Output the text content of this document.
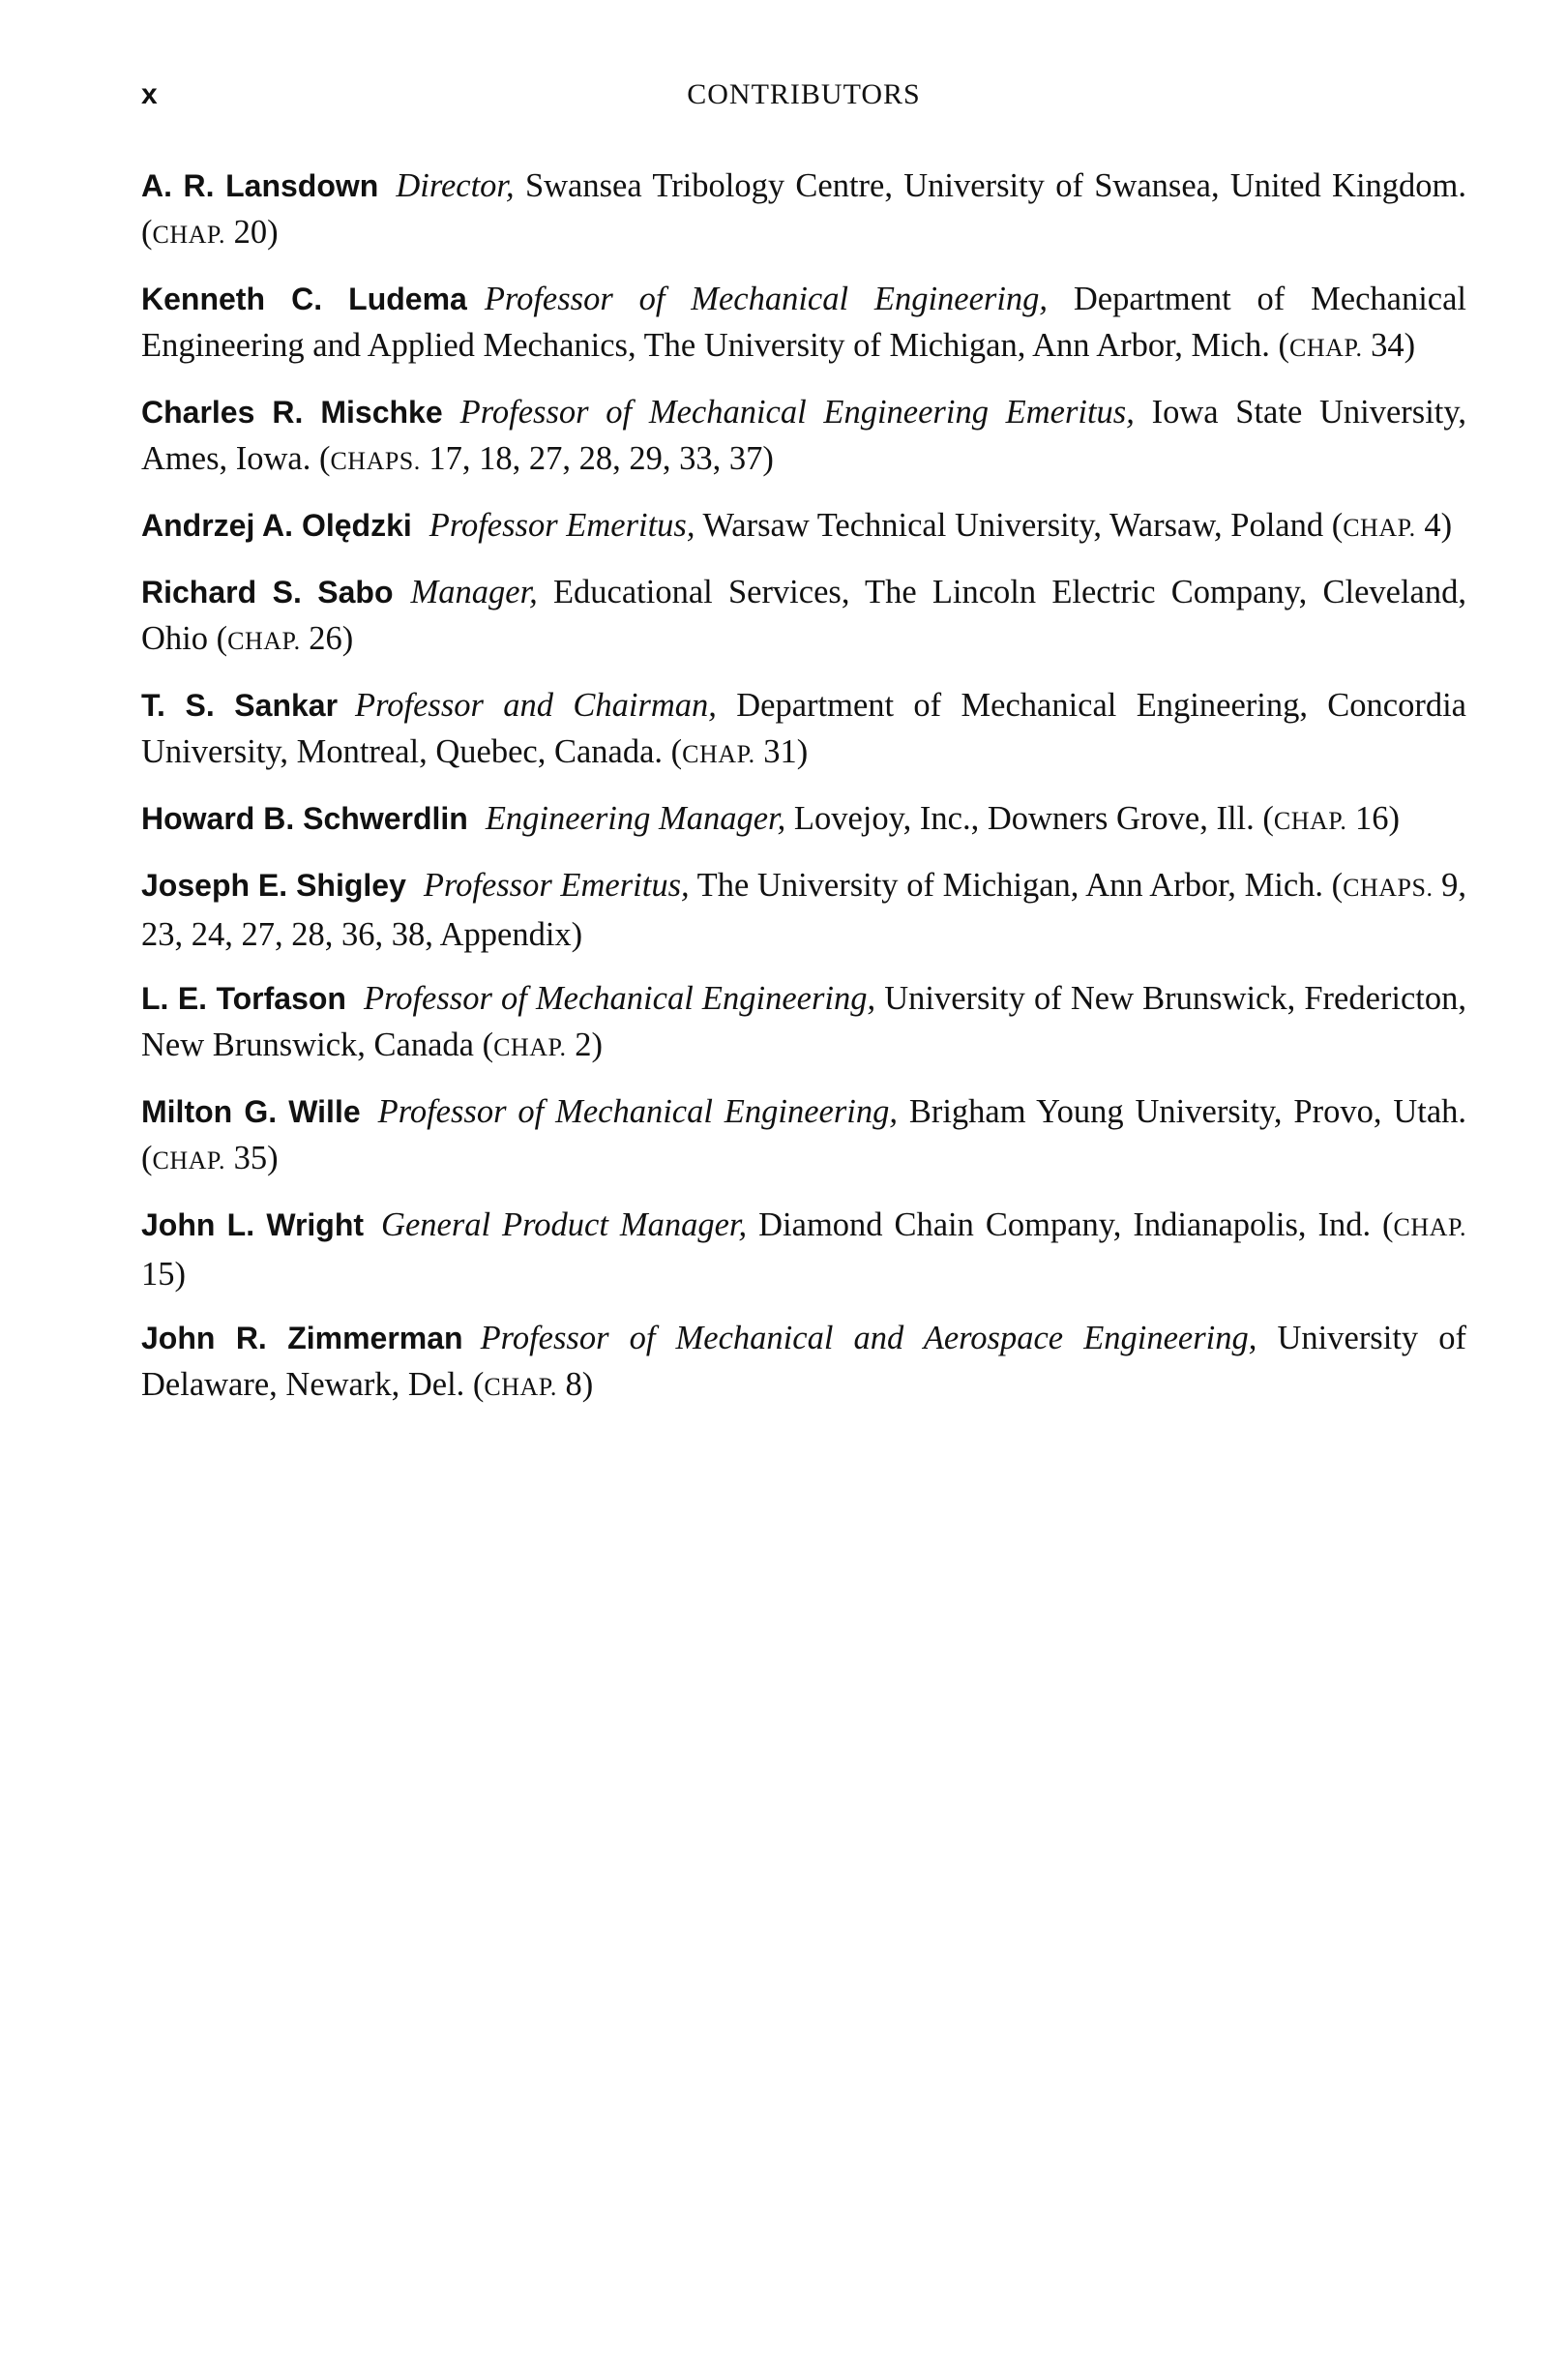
x	CONTRIBUTORS

A. R. Lansdown Director, Swansea Tribology Centre, University of Swansea, United Kingdom. (CHAP. 20)

Kenneth C. Ludema Professor of Mechanical Engineering, Department of Mechanical Engineering and Applied Mechanics, The University of Michigan, Ann Arbor, Mich. (CHAP. 34)

Charles R. Mischke Professor of Mechanical Engineering Emeritus, Iowa State University, Ames, Iowa. (CHAPS. 17, 18, 27, 28, 29, 33, 37)

Andrzej A. Olędzki Professor Emeritus, Warsaw Technical University, Warsaw, Poland (CHAP. 4)

Richard S. Sabo Manager, Educational Services, The Lincoln Electric Company, Cleveland, Ohio (CHAP. 26)

T. S. Sankar Professor and Chairman, Department of Mechanical Engineering, Concordia University, Montreal, Quebec, Canada. (CHAP. 31)

Howard B. Schwerdlin Engineering Manager, Lovejoy, Inc., Downers Grove, Ill. (CHAP. 16)

Joseph E. Shigley Professor Emeritus, The University of Michigan, Ann Arbor, Mich. (CHAPS. 9, 23, 24, 27, 28, 36, 38, Appendix)

L. E. Torfason Professor of Mechanical Engineering, University of New Brunswick, Fredericton, New Brunswick, Canada (CHAP. 2)

Milton G. Wille Professor of Mechanical Engineering, Brigham Young University, Provo, Utah. (CHAP. 35)

John L. Wright General Product Manager, Diamond Chain Company, Indianapolis, Ind. (CHAP. 15)

John R. Zimmerman Professor of Mechanical and Aerospace Engineering, University of Delaware, Newark, Del. (CHAP. 8)
